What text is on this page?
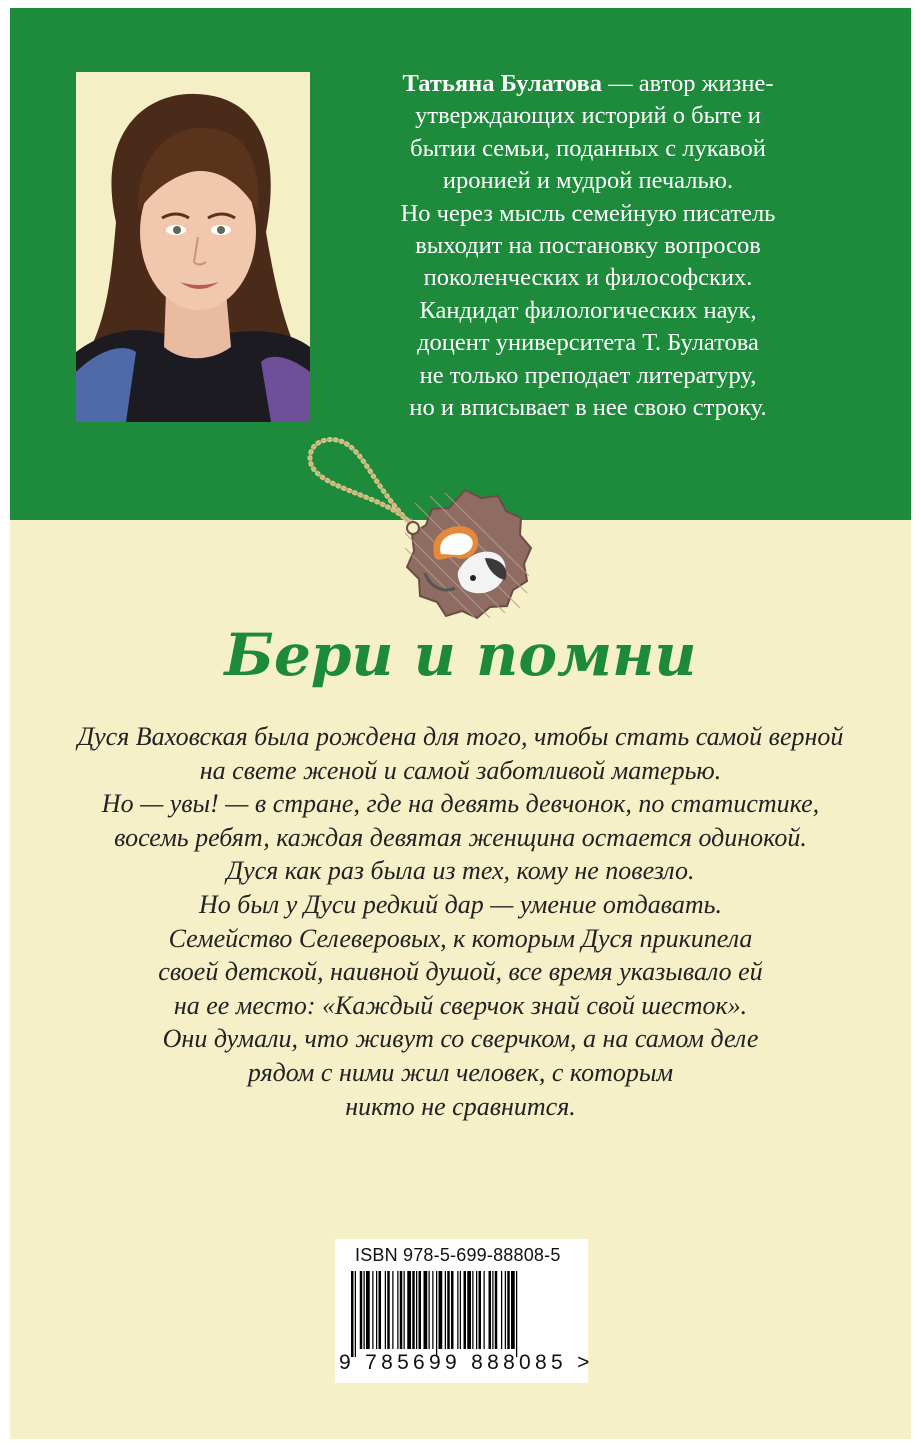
Татьяна Булатова — автор жизне-
утверждающих историй о быте и
бытии семьи, поданных с лукавой
иронией и мудрой печалью.
Но через мысль семейную писатель
выходит на постановку вопросов
поколенческих и философских.
Кандидат филологических наук,
доцент университета Т. Булатова
не только преподает литературу,
но и вписывает в нее свою строку.

Бери и помни

Дуся Ваховская была рождена для того, чтобы стать самой верной
на свете женой и самой заботливой матерью.
Но — увы! — в стране, где на девять девчонок, по статистике,
восемь ребят, каждая девятая женщина остается одинокой.
Дуся как раз была из тех, кому не повезло.
Но был у Дуси редкий дар — умение отдавать.
Семейство Селеверовых, к которым Дуся прикипела
своей детской, наивной душой, все время указывало ей
на ее место: «Каждый сверчок знай свой шесток».
Они думали, что живут со сверчком, а на самом деле
рядом с ними жил человек, с которым
никто не сравнится.

ISBN 978-5-699-88808-5
9 785699 888085 >
